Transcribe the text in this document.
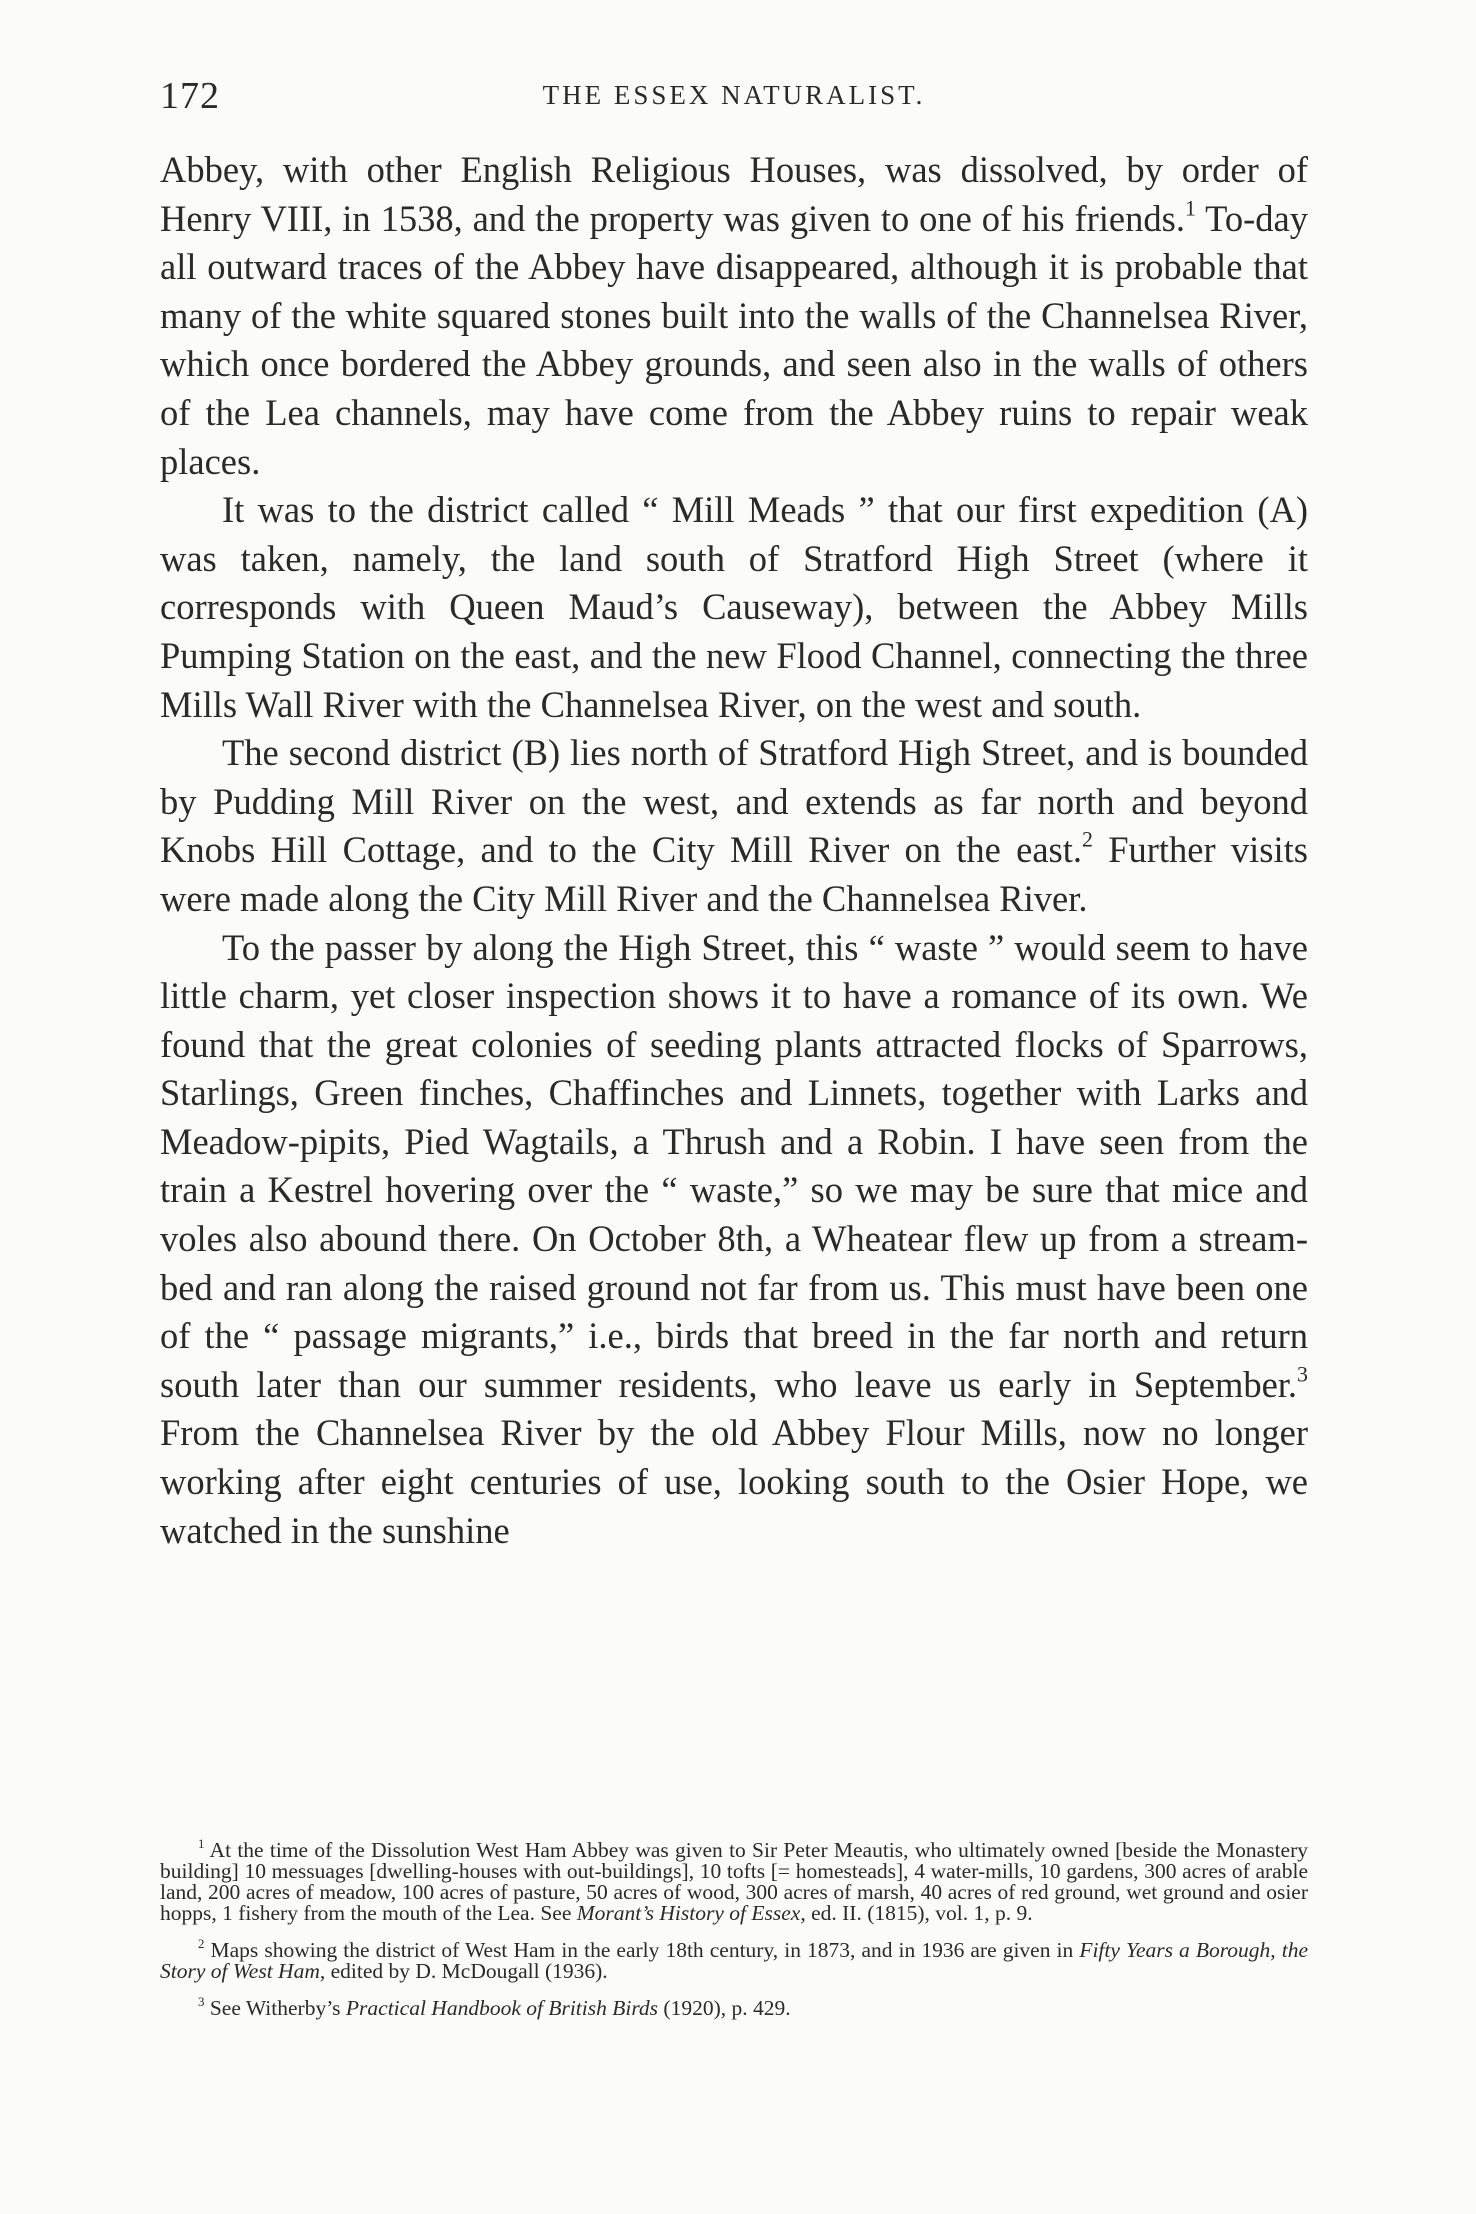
172	THE ESSEX NATURALIST.

Abbey, with other English Religious Houses, was dissolved, by order of Henry VIII, in 1538, and the property was given to one of his friends.$^1$ To-day all outward traces of the Abbey have disappeared, although it is probable that many of the white squared stones built into the walls of the Channelsea River, which once bordered the Abbey grounds, and seen also in the walls of others of the Lea channels, may have come from the Abbey ruins to repair weak places.

It was to the district called “ Mill Meads ” that our first expedition (A) was taken, namely, the land south of Stratford High Street (where it corresponds with Queen Maud’s Causeway), between the Abbey Mills Pumping Station on the east, and the new Flood Channel, connecting the three Mills Wall River with the Channelsea River, on the west and south.

The second district (B) lies north of Stratford High Street, and is bounded by Pudding Mill River on the west, and extends as far north and beyond Knobs Hill Cottage, and to the City Mill River on the east.$^2$ Further visits were made along the City Mill River and the Channelsea River.

To the passer by along the High Street, this “ waste ” would seem to have little charm, yet closer inspection shows it to have a romance of its own. We found that the great colonies of seeding plants attracted flocks of Sparrows, Starlings, Green finches, Chaffinches and Linnets, together with Larks and Meadow-pipits, Pied Wagtails, a Thrush and a Robin. I have seen from the train a Kestrel hovering over the “ waste,” so we may be sure that mice and voles also abound there. On October 8th, a Wheatear flew up from a stream-bed and ran along the raised ground not far from us. This must have been one of the “ passage migrants,” i.e., birds that breed in the far north and return south later than our summer residents, who leave us early in September.$^3$ From the Channelsea River by the old Abbey Flour Mills, now no longer working after eight centuries of use, looking south to the Osier Hope, we watched in the sunshine

$^1$ At the time of the Dissolution West Ham Abbey was given to Sir Peter Meautis, who ultimately owned [beside the Monastery building] 10 messuages [dwelling-houses with out-buildings], 10 tofts [= homesteads], 4 water-mills, 10 gardens, 300 acres of arable land, 200 acres of meadow, 100 acres of pasture, 50 acres of wood, 300 acres of marsh, 40 acres of red ground, wet ground and osier hopps, 1 fishery from the mouth of the Lea. See Morant’s History of Essex, ed. II. (1815), vol. 1, p. 9.

$^2$ Maps showing the district of West Ham in the early 18th century, in 1873, and in 1936 are given in Fifty Years a Borough, the Story of West Ham, edited by D. McDougall (1936).

$^3$ See Witherby’s Practical Handbook of British Birds (1920), p. 429.
